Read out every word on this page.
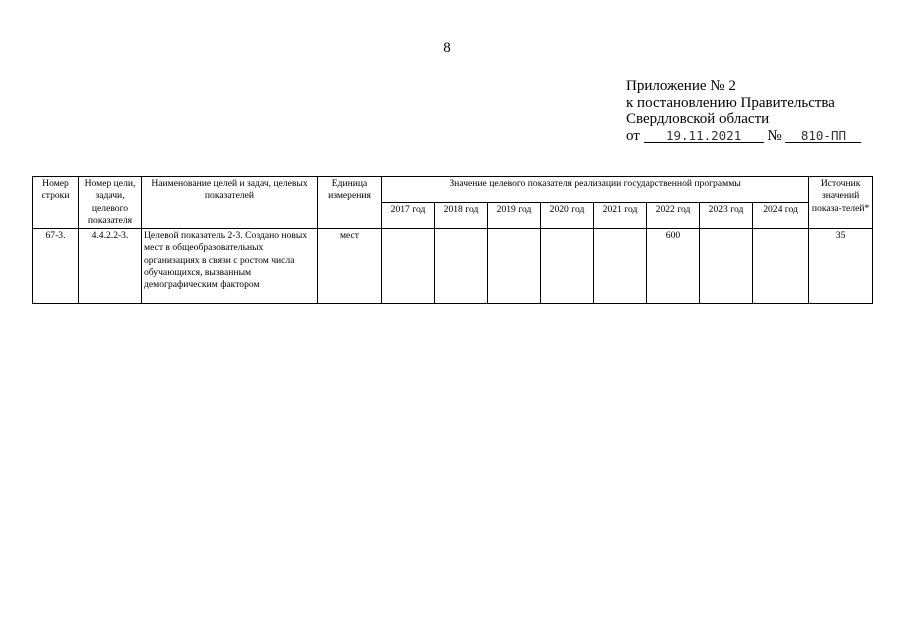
8
Приложение № 2
к постановлению Правительства
Свердловской области
от 19.11.2021 № 810-ПП
Номер строки	Номер цели, задачи, целевого показателя	Наименование целей и задач, целевых показателей	Единица измерения	Значение целевого показателя реализации государственной программы								Источник значений показа-телей*
				2017 год	2018 год	2019 год	2020 год	2021 год	2022 год	2023 год	2024 год	
67-3.	4.4.2.2-3.	Целевой показатель 2-3. Создано новых мест в общеобразовательных организациях в связи с ростом числа обучающихся, вызванным демографическим фактором	мест						600			35
